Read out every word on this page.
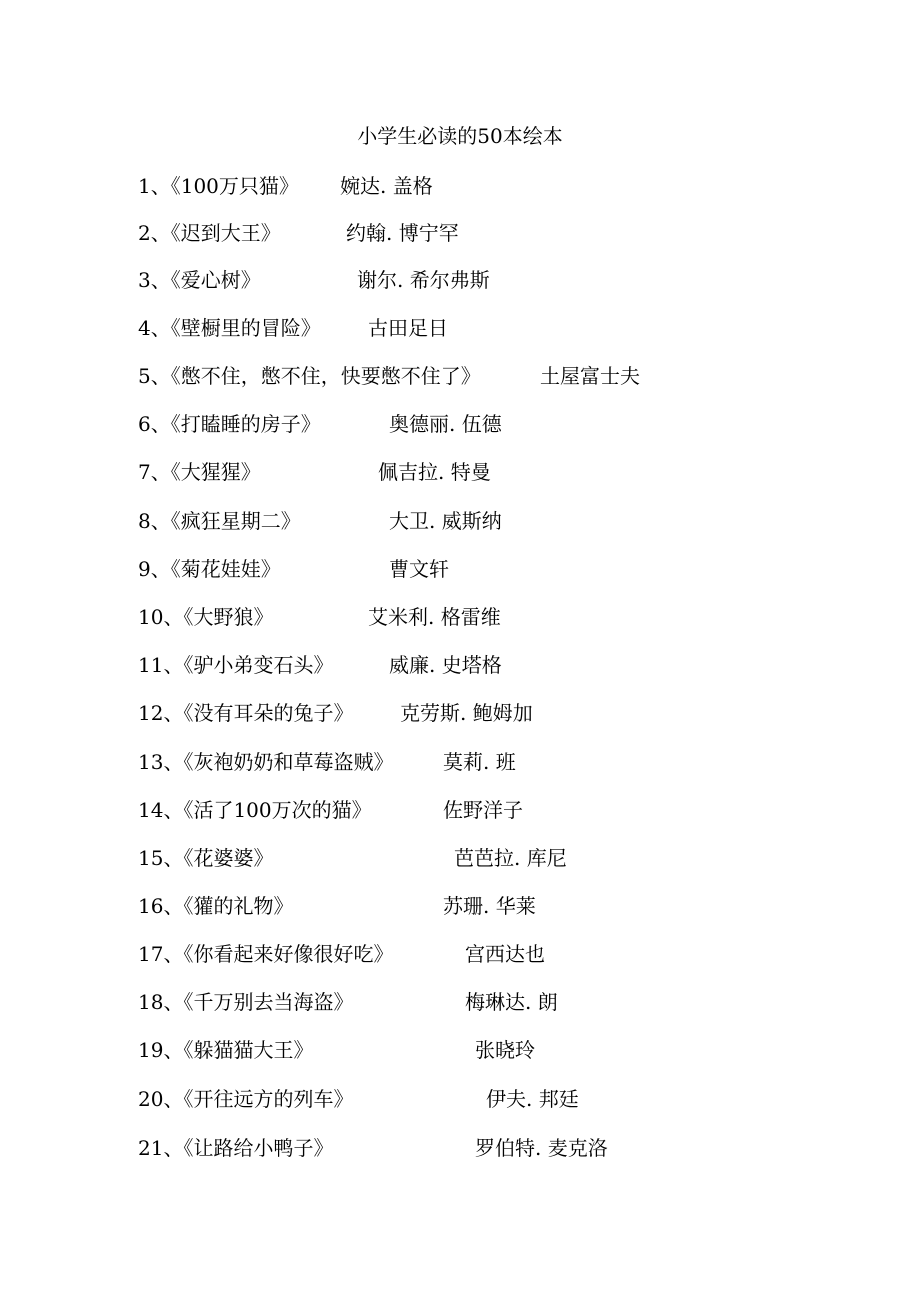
小学生必读的50本绘本
1、《100万只猫》 婉达. 盖格
2、《迟到大王》	约翰. 博宁罕
3、《爱心树》	谢尔. 希尔弗斯
4、《壁橱里的冒险》 古田足日
5、《憋不住，憋不住，快要憋不住了》	土屋富士夫
6、《打瞌睡的房子》	奥德丽. 伍德
7、《大猩猩》	佩吉拉. 特曼
8、《疯狂星期二》	大卫. 威斯纳
9、《菊花娃娃》	曹文轩
10、《大野狼》	艾米利. 格雷维
11、《驴小弟变石头》	威廉. 史塔格
12、《没有耳朵的兔子》 克劳斯. 鲍姆加
13、《灰袍奶奶和草莓盗贼》 莫莉. 班
14、《活了100万次的猫》	佐野洋子
15、《花婆婆》	芭芭拉. 库尼
16、《獾的礼物》	苏珊. 华莱
17、《你看起来好像很好吃》	宫西达也
18、《千万别去当海盗》	梅琳达. 朗
19、《躲猫猫大王》	张晓玲
20、《开往远方的列车》	伊夫. 邦廷
21、《让路给小鸭子》	罗伯特. 麦克洛
